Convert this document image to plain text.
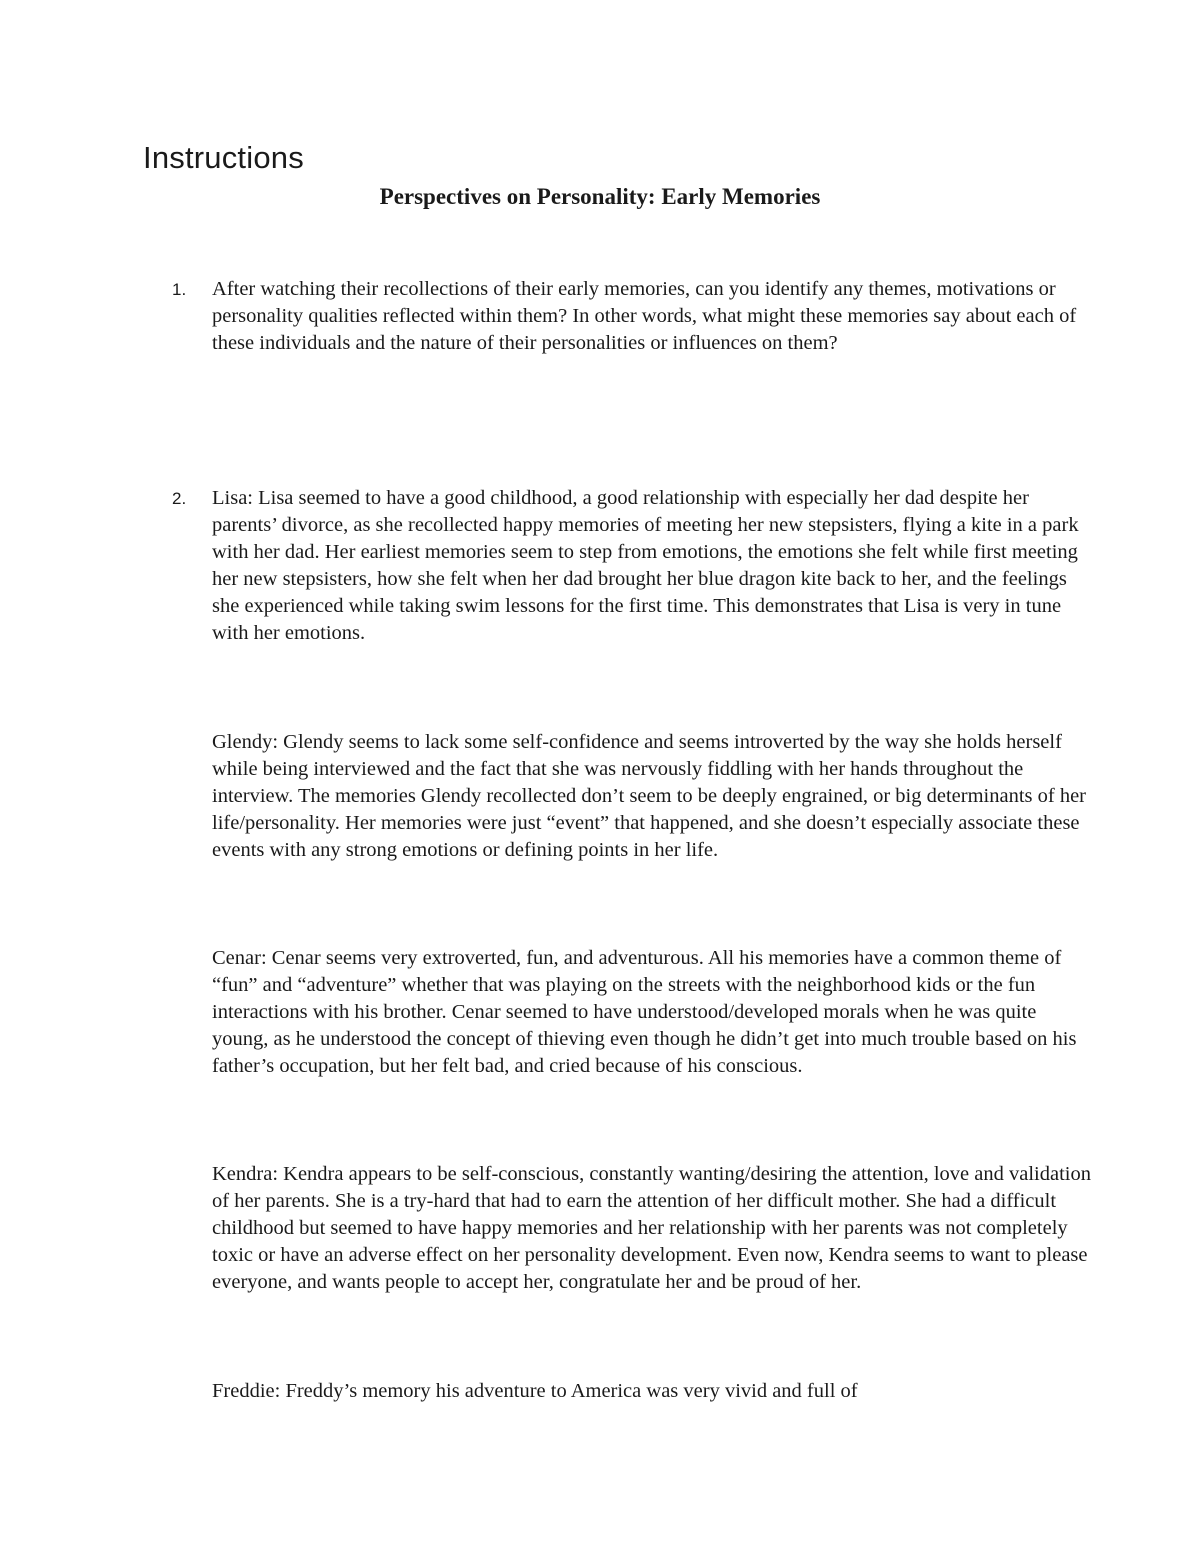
Instructions
Perspectives on Personality: Early Memories
1.	After watching their recollections of their early memories, can you identify any themes, motivations or personality qualities reflected within them? In other words, what might these memories say about each of these individuals and the nature of their personalities or influences on them?
2.	Lisa: Lisa seemed to have a good childhood, a good relationship with especially her dad despite her parents’ divorce, as she recollected happy memories of meeting her new stepsisters, flying a kite in a park with her dad. Her earliest memories seem to step from emotions, the emotions she felt while first meeting her new stepsisters, how she felt when her dad brought her blue dragon kite back to her, and the feelings she experienced while taking swim lessons for the first time. This demonstrates that Lisa is very in tune with her emotions.

Glendy: Glendy seems to lack some self-confidence and seems introverted by the way she holds herself while being interviewed and the fact that she was nervously fiddling with her hands throughout the interview. The memories Glendy recollected don’t seem to be deeply engrained, or big determinants of her life/personality. Her memories were just “event” that happened, and she doesn’t especially associate these events with any strong emotions or defining points in her life.

Cenar: Cenar seems very extroverted, fun, and adventurous. All his memories have a common theme of “fun” and “adventure” whether that was playing on the streets with the neighborhood kids or the fun interactions with his brother. Cenar seemed to have understood/developed morals when he was quite young, as he understood the concept of thieving even though he didn’t get into much trouble based on his father’s occupation, but her felt bad, and cried because of his conscious.

Kendra: Kendra appears to be self-conscious, constantly wanting/desiring the attention, love and validation of her parents. She is a try-hard that had to earn the attention of her difficult mother. She had a difficult childhood but seemed to have happy memories and her relationship with her parents was not completely toxic or have an adverse effect on her personality development. Even now, Kendra seems to want to please everyone, and wants people to accept her, congratulate her and be proud of her.

Freddie: Freddy’s memory his adventure to America was very vivid and full of
